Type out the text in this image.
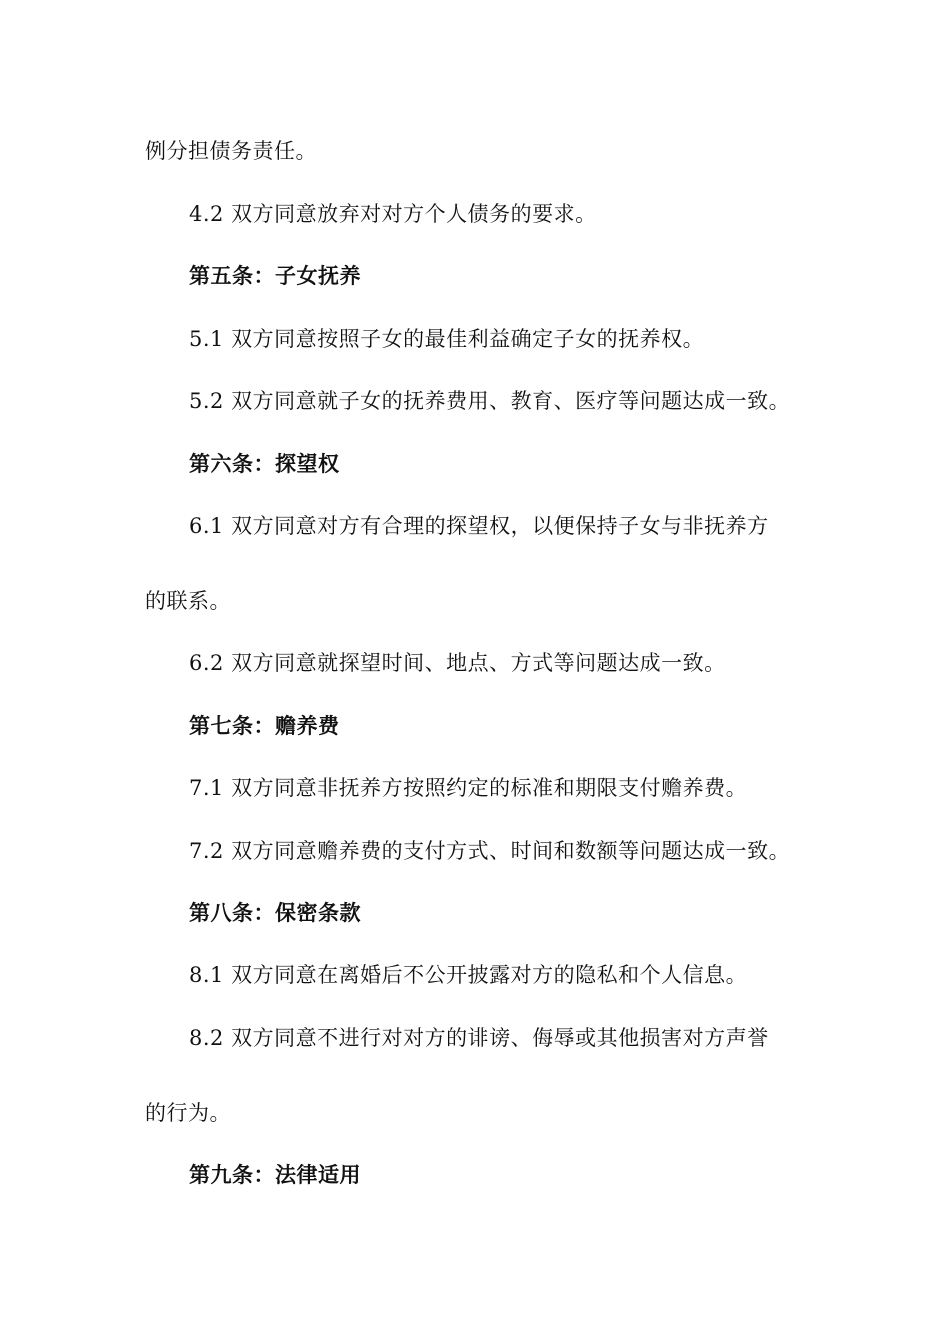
例分担债务责任。
4.2 双方同意放弃对对方个人债务的要求。
第五条：子女抚养
5.1 双方同意按照子女的最佳利益确定子女的抚养权。
5.2 双方同意就子女的抚养费用、教育、医疗等问题达成一致。
第六条：探望权
6.1 双方同意对方有合理的探望权，以便保持子女与非抚养方
的联系。
6.2 双方同意就探望时间、地点、方式等问题达成一致。
第七条：赡养费
7.1 双方同意非抚养方按照约定的标准和期限支付赡养费。
7.2 双方同意赡养费的支付方式、时间和数额等问题达成一致。
第八条：保密条款
8.1 双方同意在离婚后不公开披露对方的隐私和个人信息。
8.2 双方同意不进行对对方的诽谤、侮辱或其他损害对方声誉
的行为。
第九条：法律适用
